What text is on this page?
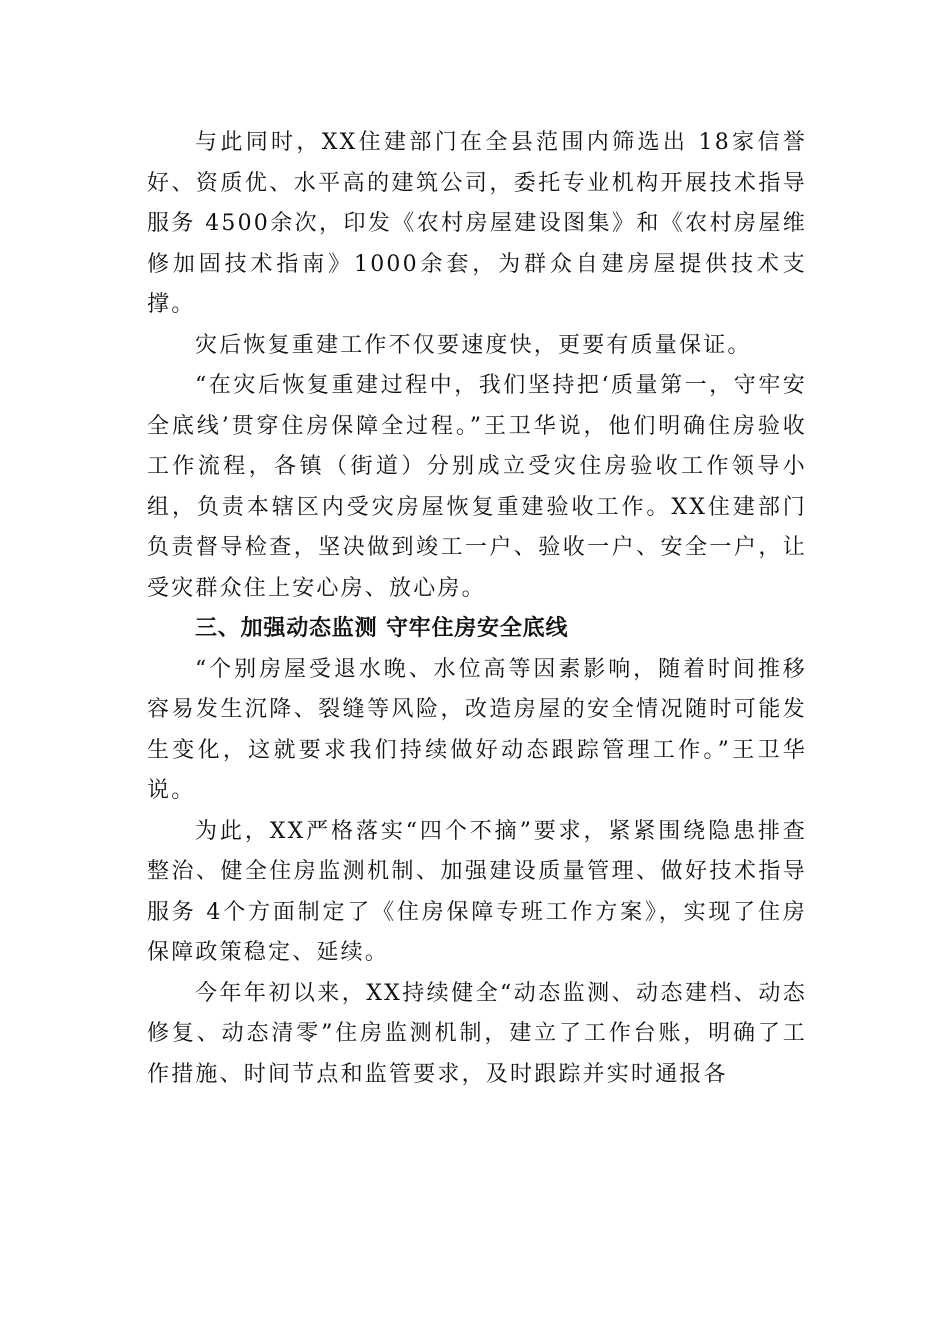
与此同时，XX住建部门在全县范围内筛选出 18家信誉好、资质优、水平高的建筑公司，委托专业机构开展技术指导服务 4500余次，印发《农村房屋建设图集》和《农村房屋维修加固技术指南》1000余套，为群众自建房屋提供技术支撑。

灾后恢复重建工作不仅要速度快，更要有质量保证。

“在灾后恢复重建过程中，我们坚持把‘质量第一，守牢安全底线’贯穿住房保障全过程。”王卫华说，他们明确住房验收工作流程，各镇（街道）分别成立受灾住房验收工作领导小组，负责本辖区内受灾房屋恢复重建验收工作。XX住建部门负责督导检查，坚决做到竣工一户、验收一户、安全一户，让受灾群众住上安心房、放心房。

三、加强动态监测 守牢住房安全底线

“个别房屋受退水晚、水位高等因素影响，随着时间推移容易发生沉降、裂缝等风险，改造房屋的安全情况随时可能发生变化，这就要求我们持续做好动态跟踪管理工作。”王卫华说。

为此，XX严格落实“四个不摘”要求，紧紧围绕隐患排查整治、健全住房监测机制、加强建设质量管理、做好技术指导服务 4个方面制定了《住房保障专班工作方案》，实现了住房保障政策稳定、延续。

今年年初以来，XX持续健全“动态监测、动态建档、动态修复、动态清零”住房监测机制，建立了工作台账，明确了工作措施、时间节点和监管要求，及时跟踪并实时通报各
